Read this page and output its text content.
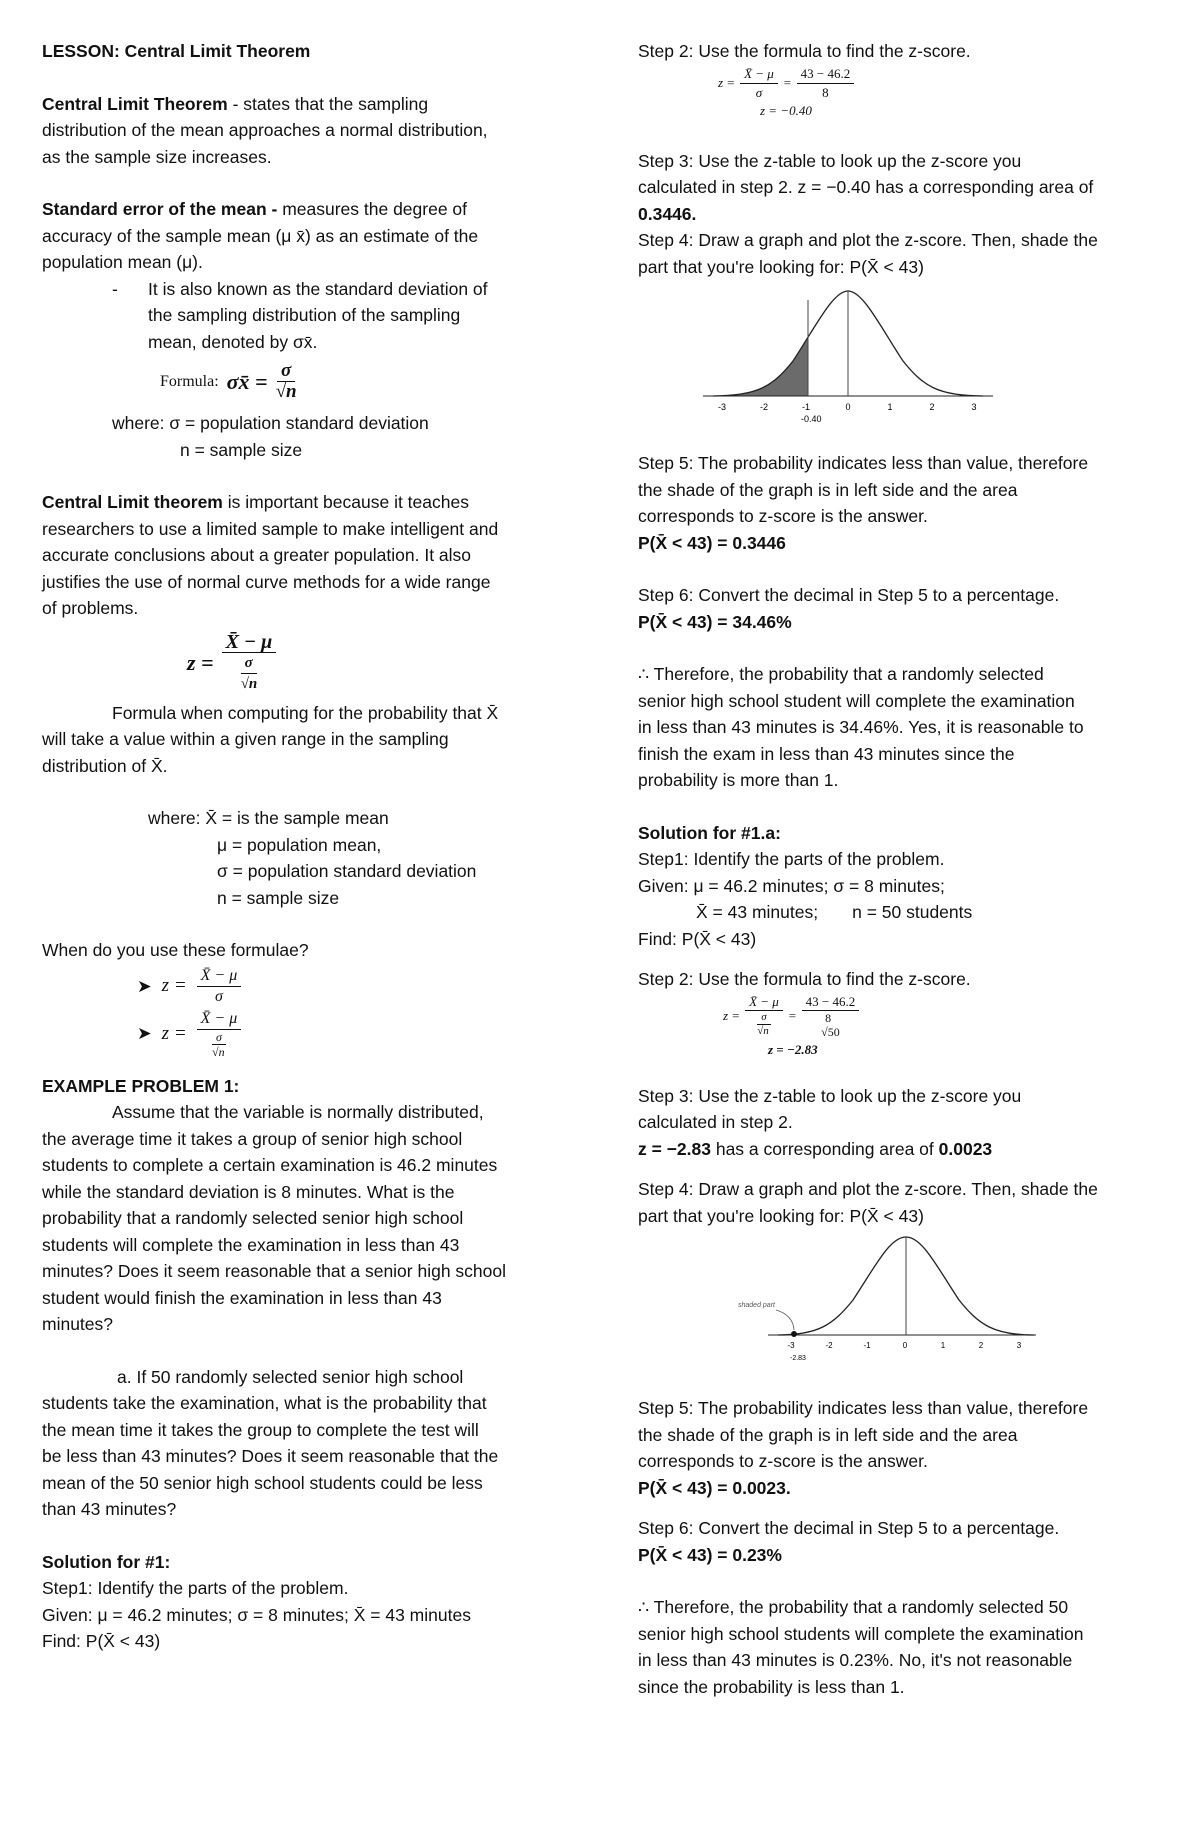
LESSON: Central Limit Theorem

Central Limit Theorem - states that the sampling

distribution of the mean approaches a normal distribution,

as the sample size increases.

Standard error of the mean - measures the degree of

accuracy of the sample mean (μ x̄) as an estimate of the

population mean (μ).

- It is also known as the standard deviation of

the sampling distribution of the sampling

mean, denoted by σx̄.

Formula: σx̄ = $\frac{\sigma}{√n}$

where: σ = population standard deviation

n = sample size

Central Limit theorem is important because it teaches

researchers to use a limited sample to make intelligent and

accurate conclusions about a greater population. It also

justifies the use of normal curve methods for a wide range

of problems.

$z = \frac{X̄ - \mu}{\frac{\sigma}{√n}}$

Formula when computing for the probability that X̄

will take a value within a given range in the sampling

distribution of X̄.

where: X̄ = is the sample mean

μ = population mean,

σ = population standard deviation

n = sample size

When do you use these formulae?

➤ $z = \frac{X̄ - \mu}{\sigma}$
➤ $z = \frac{X̄ - \mu}{\frac{\sigma}{√n}}$

EXAMPLE PROBLEM 1:

Assume that the variable is normally distributed,

the average time it takes a group of senior high school

students to complete a certain examination is 46.2 minutes

while the standard deviation is 8 minutes. What is the

probability that a randomly selected senior high school

students will complete the examination in less than 43

minutes? Does it seem reasonable that a senior high school

student would finish the examination in less than 43

minutes?

a. If 50 randomly selected senior high school

students take the examination, what is the probability that

the mean time it takes the group to complete the test will

be less than 43 minutes? Does it seem reasonable that the

mean of the 50 senior high school students could be less

than 43 minutes?

Solution for #1:

Step1: Identify the parts of the problem.

Given: μ = 46.2 minutes; σ = 8 minutes; X̄ = 43 minutes

Find: P(X̄ < 43)

Step 2: Use the formula to find the z-score.

$z = \frac{X̄ - \mu}{\sigma} = \frac{43 - 46.2}{8}$

z = −0.40

Step 3: Use the z-table to look up the z-score you

calculated in step 2. z = −0.40 has a corresponding area of

0.3446.

Step 4: Draw a graph and plot the z-score. Then, shade the

part that you're looking for: P(X̄ < 43)

-3	-2	-1	0	1	2	3
-0.40

Step 5: The probability indicates less than value, therefore

the shade of the graph is in left side and the area

corresponds to z-score is the answer.

P(X̄ < 43) = 0.3446

Step 6: Convert the decimal in Step 5 to a percentage.

P(X̄ < 43) = 34.46%

∴ Therefore, the probability that a randomly selected

senior high school student will complete the examination

in less than 43 minutes is 34.46%. Yes, it is reasonable to

finish the exam in less than 43 minutes since the

probability is more than 1.

Solution for #1.a:

Step1: Identify the parts of the problem.

Given: μ = 46.2 minutes; σ = 8 minutes;

X̄ = 43 minutes; n = 50 students

Find: P(X̄ < 43)

Step 2: Use the formula to find the z-score.

$z = \frac{X̄ - \mu}{\frac{\sigma}{√n}} = 43 - 46.2$
8
√50

z = −2.83

Step 3: Use the z-table to look up the z-score you

calculated in step 2.

z = −2.83 has a corresponding area of 0.0023

Step 4: Draw a graph and plot the z-score. Then, shade the

part that you're looking for: P(X̄ < 43)

shaded part
-3	-2	-1	0	1	2	3
-2.83

Step 5: The probability indicates less than value, therefore

the shade of the graph is in left side and the area

corresponds to z-score is the answer.

P(X̄ < 43) = 0.0023.

Step 6: Convert the decimal in Step 5 to a percentage.

P(X̄ < 43) = 0.23%

∴ Therefore, the probability that a randomly selected 50

senior high school students will complete the examination

in less than 43 minutes is 0.23%. No, it's not reasonable

since the probability is less than 1.
